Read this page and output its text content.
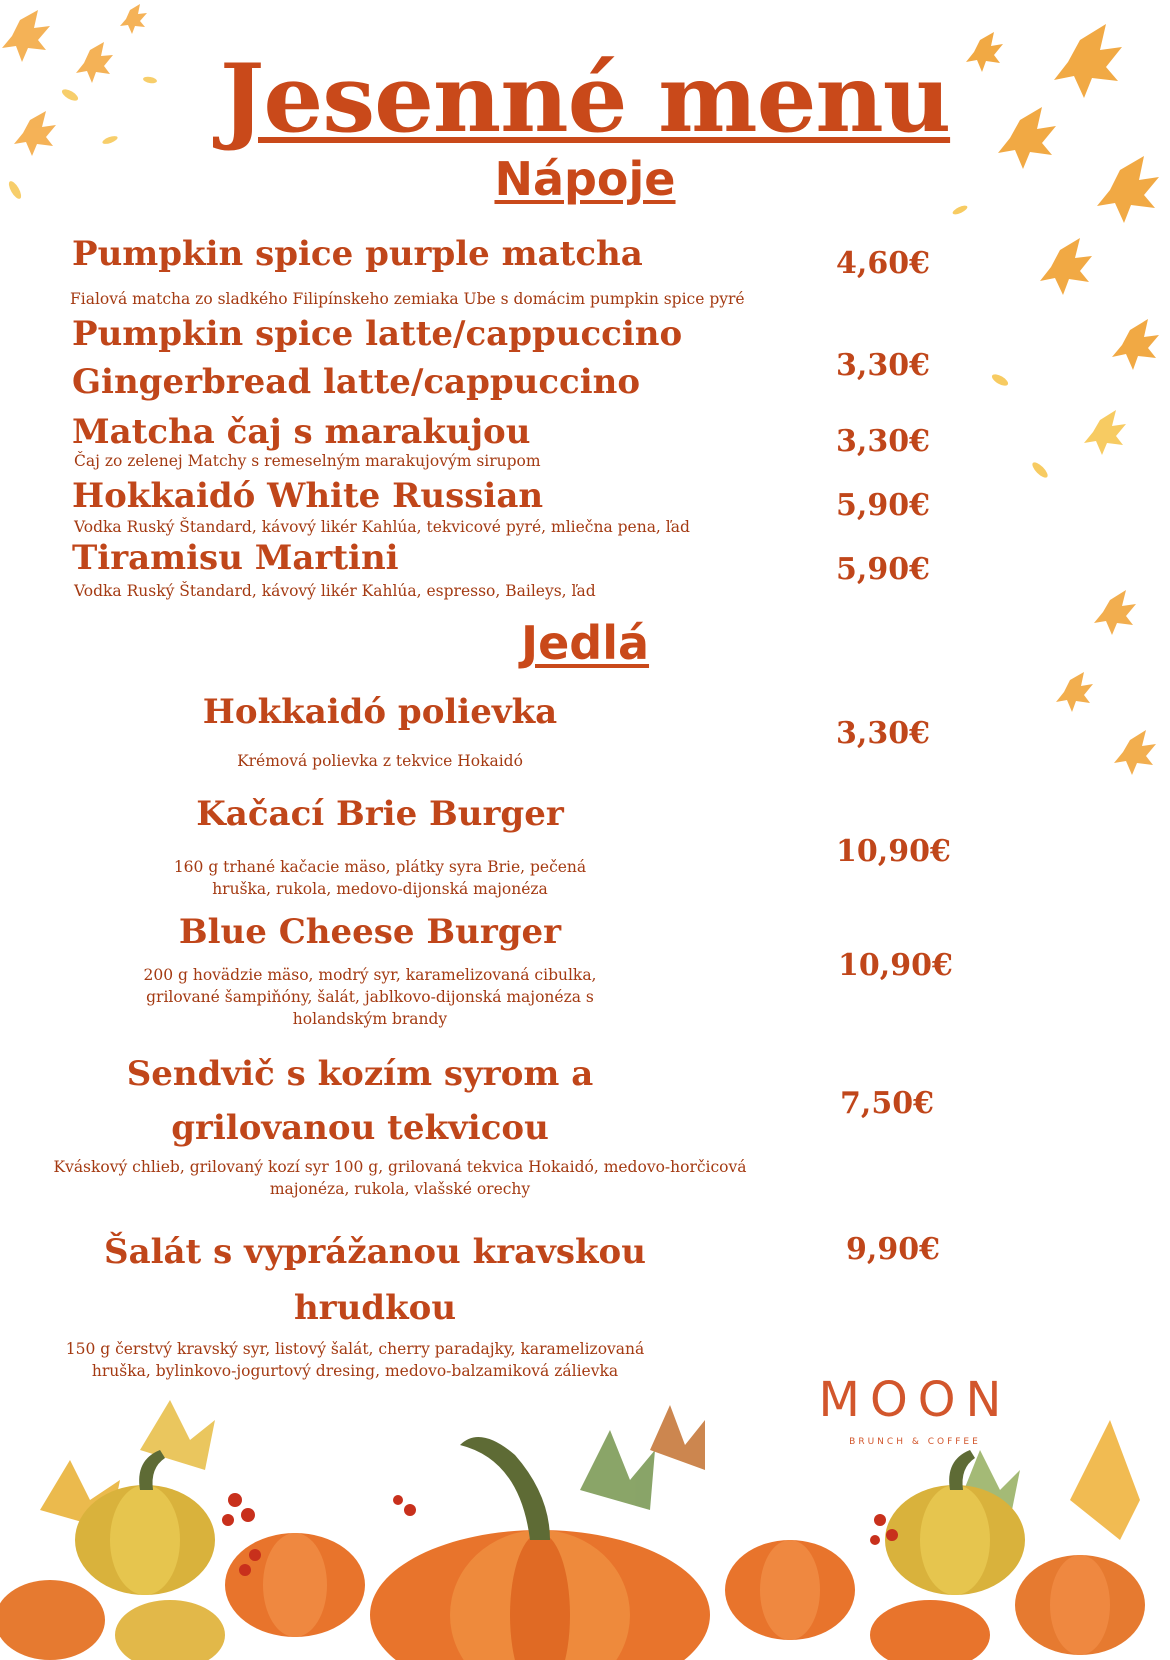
Jesenné menu
Nápoje
Pumpkin spice purple matcha
Fialová matcha zo sladkého Filipínskeho zemiaka Ube s domácim pumpkin spice pyré
4,60€
Pumpkin spice latte/cappuccino
Gingerbread latte/cappuccino	3,30€
Matcha čaj s marakujou
Čaj zo zelenej Matchy s remeselným marakujovým sirupom
3,30€
Hokkaidó White Russian
Vodka Ruský Štandard, kávový likér Kahlúa, tekvicové pyré, mliečna pena, ľad
5,90€
Tiramisu Martini
Vodka Ruský Štandard, kávový likér Kahlúa, espresso, Baileys, ľad
5,90€
Jedlá
Hokkaidó polievka
Krémová polievka z tekvice Hokaidó
3,30€
Kačací Brie Burger
160 g trhané kačacie mäso, plátky syra Brie, pečená
hruška, rukola, medovo-dijonská majonéza
10,90€
Blue Cheese Burger
200 g hovädzie mäso, modrý syr, karamelizovaná cibulka,
grilované šampiňóny, šalát, jablkovo-dijonská majonéza s
holandským brandy
10,90€
Sendvič s kozím syrom a
grilovanou tekvicou
Kváskový chlieb, grilovaný kozí syr 100 g, grilovaná tekvica Hokaidó, medovo-horčicová
majonéza, rukola, vlašské orechy
7,50€
Šalát s vyprážanou kravskou
hrudkou
150 g čerstvý kravský syr, listový šalát, cherry paradajky, karamelizovaná
hruška, bylinkovo-jogurtový dresing, medovo-balzamiková zálievka
9,90€
MOON
BRUNCH & COFFEE
